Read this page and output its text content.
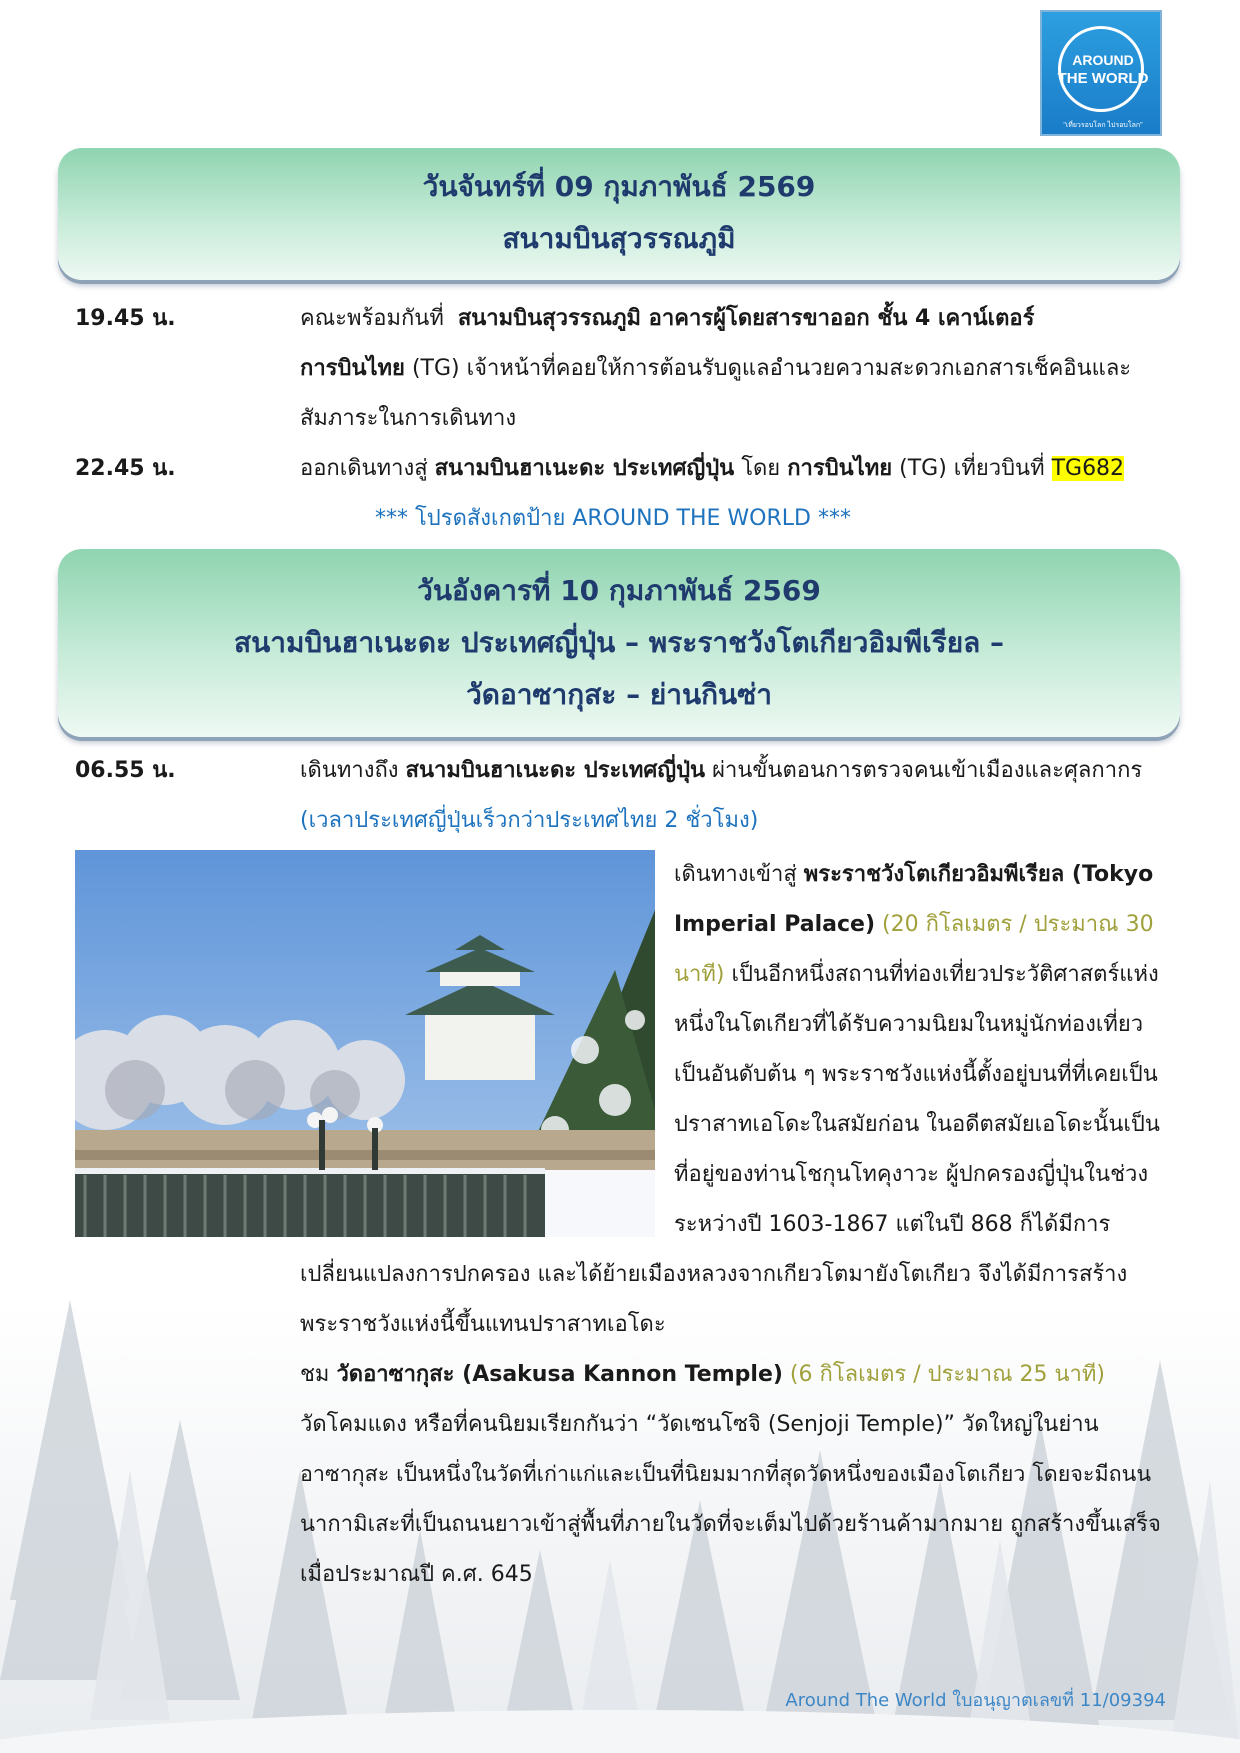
AROUND
THE WORLD
"เที่ยวรอบโลก ไปรอบโลก"
วันจันทร์ที่ 09 กุมภาพันธ์ 2569
สนามบินสุวรรณภูมิ
19.45 น.	คณะพร้อมกันที่ สนามบินสุวรรณภูมิ อาคารผู้โดยสารขาออก ชั้น 4 เคาน์เตอร์
การบินไทย (TG) เจ้าหน้าที่คอยให้การต้อนรับดูแลอำนวยความสะดวกเอกสารเช็คอินและ
สัมภาระในการเดินทาง
22.45 น.	ออกเดินทางสู่ สนามบินฮาเนะดะ ประเทศญี่ปุ่น โดย การบินไทย (TG) เที่ยวบินที่ TG682
*** โปรดสังเกตป้าย AROUND THE WORLD ***
วันอังคารที่ 10 กุมภาพันธ์ 2569
สนามบินฮาเนะดะ ประเทศญี่ปุ่น – พระราชวังโตเกียวอิมพีเรียล –
วัดอาซากุสะ – ย่านกินซ่า
06.55 น.	เดินทางถึง สนามบินฮาเนะดะ ประเทศญี่ปุ่น ผ่านขั้นตอนการตรวจคนเข้าเมืองและศุลกากร
(เวลาประเทศญี่ปุ่นเร็วกว่าประเทศไทย 2 ชั่วโมง)
เดินทางเข้าสู่ พระราชวังโตเกียวอิมพีเรียล (Tokyo
Imperial Palace) (20 กิโลเมตร / ประมาณ 30
นาที) เป็นอีกหนึ่งสถานที่ท่องเที่ยวประวัติศาสตร์แห่ง
หนึ่งในโตเกียวที่ได้รับความนิยมในหมู่นักท่องเที่ยว
เป็นอันดับต้น ๆ พระราชวังแห่งนี้ตั้งอยู่บนที่ที่เคยเป็น
ปราสาทเอโดะในสมัยก่อน ในอดีตสมัยเอโดะนั้นเป็น
ที่อยู่ของท่านโชกุนโทคุงาวะ ผู้ปกครองญี่ปุ่นในช่วง
ระหว่างปี 1603-1867 แต่ในปี 868 ก็ได้มีการ
เปลี่ยนแปลงการปกครอง และได้ย้ายเมืองหลวงจากเกียวโตมายังโตเกียว จึงได้มีการสร้าง
พระราชวังแห่งนี้ขึ้นแทนปราสาทเอโดะ
ชม วัดอาซากุสะ (Asakusa Kannon Temple) (6 กิโลเมตร / ประมาณ 25 นาที)
วัดโคมแดง หรือที่คนนิยมเรียกกันว่า “วัดเซนโซจิ (Senjoji Temple)” วัดใหญ่ในย่าน
อาซากุสะ เป็นหนึ่งในวัดที่เก่าแก่และเป็นที่นิยมมากที่สุดวัดหนึ่งของเมืองโตเกียว โดยจะมีถนน
นากามิเสะที่เป็นถนนยาวเข้าสู่พื้นที่ภายในวัดที่จะเต็มไปด้วยร้านค้ามากมาย ถูกสร้างขึ้นเสร็จ
เมื่อประมาณปี ค.ศ. 645
Around The World ใบอนุญาตเลขที่ 11/09394
